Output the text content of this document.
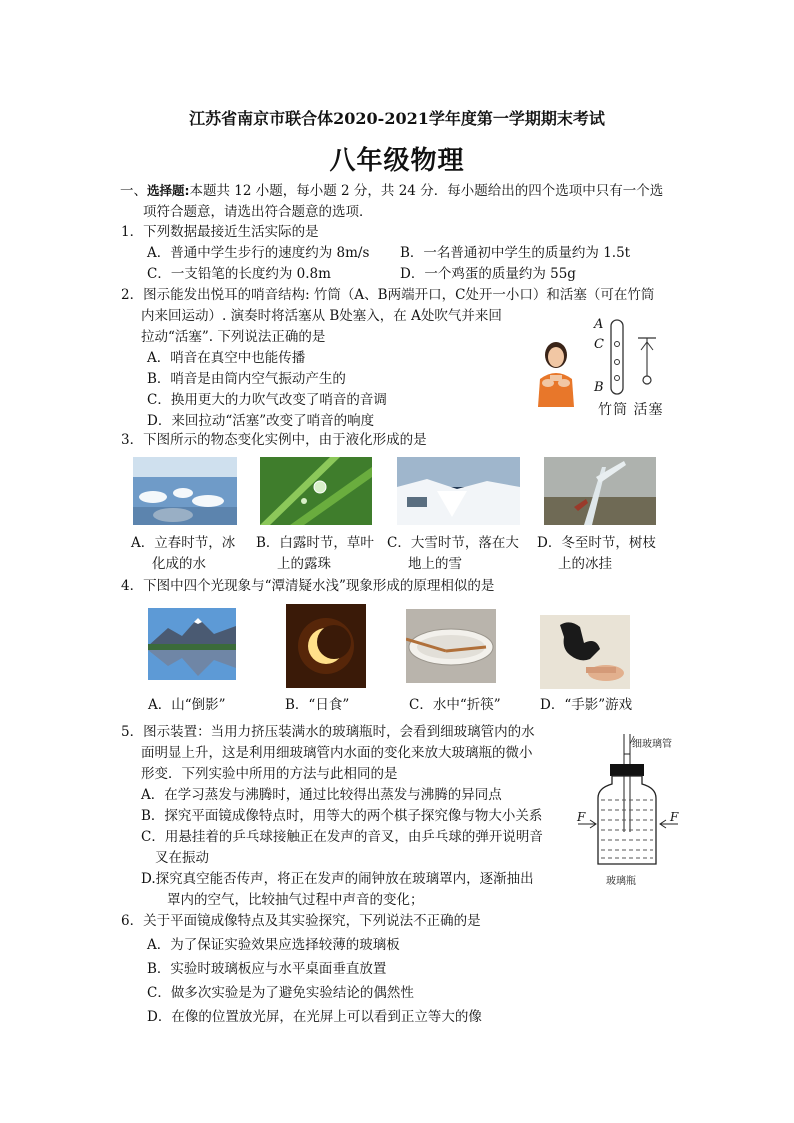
江苏省南京市联合体2020-2021学年度第一学期期末考试
八年级物理
一、选择题:本题共 12 小题，每小题 2 分，共 24 分．每小题给出的四个选项中只有一个选
项符合题意，请选出符合题意的选项．
1．下列数据最接近生活实际的是
A．普通中学生步行的速度约为 8m/s B．一名普通初中学生的质量约为 1.5t
C．一支铅笔的长度约为 0.8m	D．一个鸡蛋的质量约为 55g
2．图示能发出悦耳的哨音结构: 竹筒（A、B两端开口，C处开一小口）和活塞（可在竹筒
内来回运动）. 演奏时将活塞从 B处塞入，在 A处吹气并来回
拉动“活塞”. 下列说法正确的是
A．哨音在真空中也能传播
B．哨音是由筒内空气振动产生的
C．换用更大的力吹气改变了哨音的音调
D．来回拉动“活塞”改变了哨音的响度
A
C
B
竹筒 活塞
3．下图所示的物态变化实例中，由于液化形成的是
A．立春时节，冰
化成的水
B．白露时节，草叶
上的露珠
C．大雪时节，落在大
地上的雪
D．冬至时节，树枝
上的冰挂
4．下图中四个光现象与“潭清疑水浅”现象形成的原理相似的是
A．山“倒影”	B．“日食”	C．水中“折筷”	D．“手影”游戏
5．图示装置：当用力挤压装满水的玻璃瓶时，会看到细玻璃管内的水
面明显上升，这是利用细玻璃管内水面的变化来放大玻璃瓶的微小
形变．下列实验中所用的方法与此相同的是
A．在学习蒸发与沸腾时，通过比较得出蒸发与沸腾的异同点
B．探究平面镜成像特点时，用等大的两个棋子探究像与物大小关系
C．用悬挂着的乒乓球接触正在发声的音叉，由乒乓球的弹开说明音
叉在振动
D.探究真空能否传声，将正在发声的闹钟放在玻璃罩内，逐渐抽出
罩内的空气，比较抽气过程中声音的变化；
细玻璃管
F	F
玻璃瓶
6．关于平面镜成像特点及其实验探究，下列说法不正确的是
A．为了保证实验效果应选择较薄的玻璃板
B．实验时玻璃板应与水平桌面垂直放置
C．做多次实验是为了避免实验结论的偶然性
D．在像的位置放光屏，在光屏上可以看到正立等大的像
